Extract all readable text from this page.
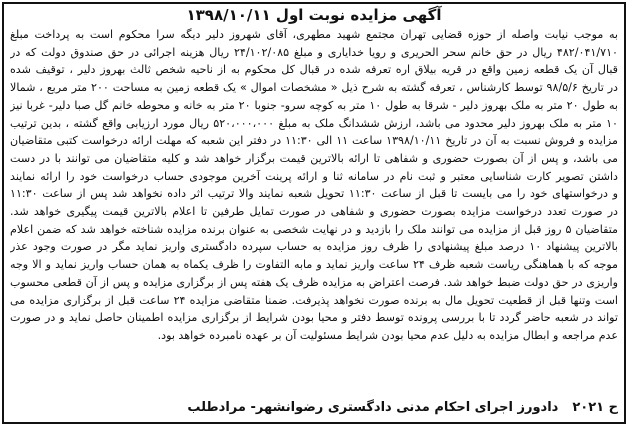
آگهی مزایده نوبت اول ۱۳۹۸/۱۰/۱۱
به موجب نیابت واصله از حوزه قضایی تهران مجتمع شهید مطهری، آقای شهروز دلیر دیگه سرا محکوم است به پرداخت مبلغ
۴۸۲/۰۴۱/۷۱۰ ریال در حق خانم سحر الحریری و رویا خدایاری و مبلغ ۲۴/۱۰۲/۰۸۵ ریال هزینه اجرائی در حق صندوق دولت که در
قبال آن یک قطعه زمین واقع در قریه بیلاق اره تعرفه شده در قبال کل محکوم به از ناحیه شخص ثالث بهروز دلیر ، توقیف شده
در تاریخ ۹۸/۵/۶ توسط کارشناس ، تعرفه گشته به شرح ذیل « مشخصات اموال » یک قطعه زمین به مساحت ۲۰۰ متر مربع ، شمالا
به طول ۲۰ متر به ملک بهروز دلیر - شرقا به طول ۱۰ متر به کوچه سرو- جنوبا ۲۰ متر به خانه و محوطه خانم گل صبا دلیر- غربا نیز
۱۰ متر به ملک بهروز دلیر محدود می باشد، ارزش ششدانگ ملک به مبلغ ۵۲۰،۰۰۰،۰۰۰ ریال مورد ارزیابی واقع گشته ، بدین ترتیب
مزایده و فروش نسبت به آن در تاریخ ۱۳۹۸/۱۰/۱۱ ساعت ۱۱ الی ۱۱:۳۰ در دفتر این شعبه که مهلت ارائه درخواست کتبی متقاضیان
می باشد، و پس از آن بصورت حضوری و شفاهی تا ارائه بالاترین قیمت برگزار خواهد شد و کلیه متقاضیان می توانند با در دست
داشتن تصویر کارت شناسایی معتبر و ثبت نام در سامانه ثنا و ارائه پرینت آخرین موجودی حساب درخواست خود را ارائه نمایند
و درخواستهای خود را می بایست تا قبل از ساعت ۱۱:۳۰ تحویل شعبه نمایند والا ترتیب اثر داده نخواهد شد پس از ساعت ۱۱:۳۰
در صورت تعدد درخواست مزایده بصورت حضوری و شفاهی در صورت تمایل طرفین تا اعلام بالاترین قیمت پیگیری خواهد شد.
متقاضیان ۵ روز قبل از مزایده می توانند ملک را بازدید و در نهایت شخصی به عنوان برنده مزایده شناخته خواهد شد که ضمن اعلام
بالاترین پیشنهاد ۱۰ درصد مبلغ پیشنهادی را ظرف روز مزایده به حساب سپرده دادگستری واریز نماید مگر در صورت وجود عذر
موجه که با هماهنگی ریاست شعبه ظرف ۲۴ ساعت واریز نماید و مابه التفاوت را ظرف یکماه به همان حساب واریز نماید و الا وجه
واریزی در حق دولت ضبط خواهد شد. فرصت اعتراض به مزایده ظرف یک هفته پس از برگزاری مزایده و پس از آن قطعی محسوب
است وتنها قبل از قطعیت تحویل مال به برنده صورت نخواهد پذیرفت. ضمنا متقاضی مزایده ۲۴ ساعت قبل از برگزاری مزایده می
تواند در شعبه حاضر گردد تا با بررسی پرونده توسط دفتر و محیا بودن شرایط از برگزاری مزایده اطمینان حاصل نماید و در صورت
عدم مراجعه و ابطال مزایده به دلیل عدم محیا بودن شرایط مسئولیت آن بر عهده نامبرده خواهد بود.
ح ۲۰۲۱
دادورز اجرای احکام مدنی دادگستری رضوانشهر- مرادطلب
